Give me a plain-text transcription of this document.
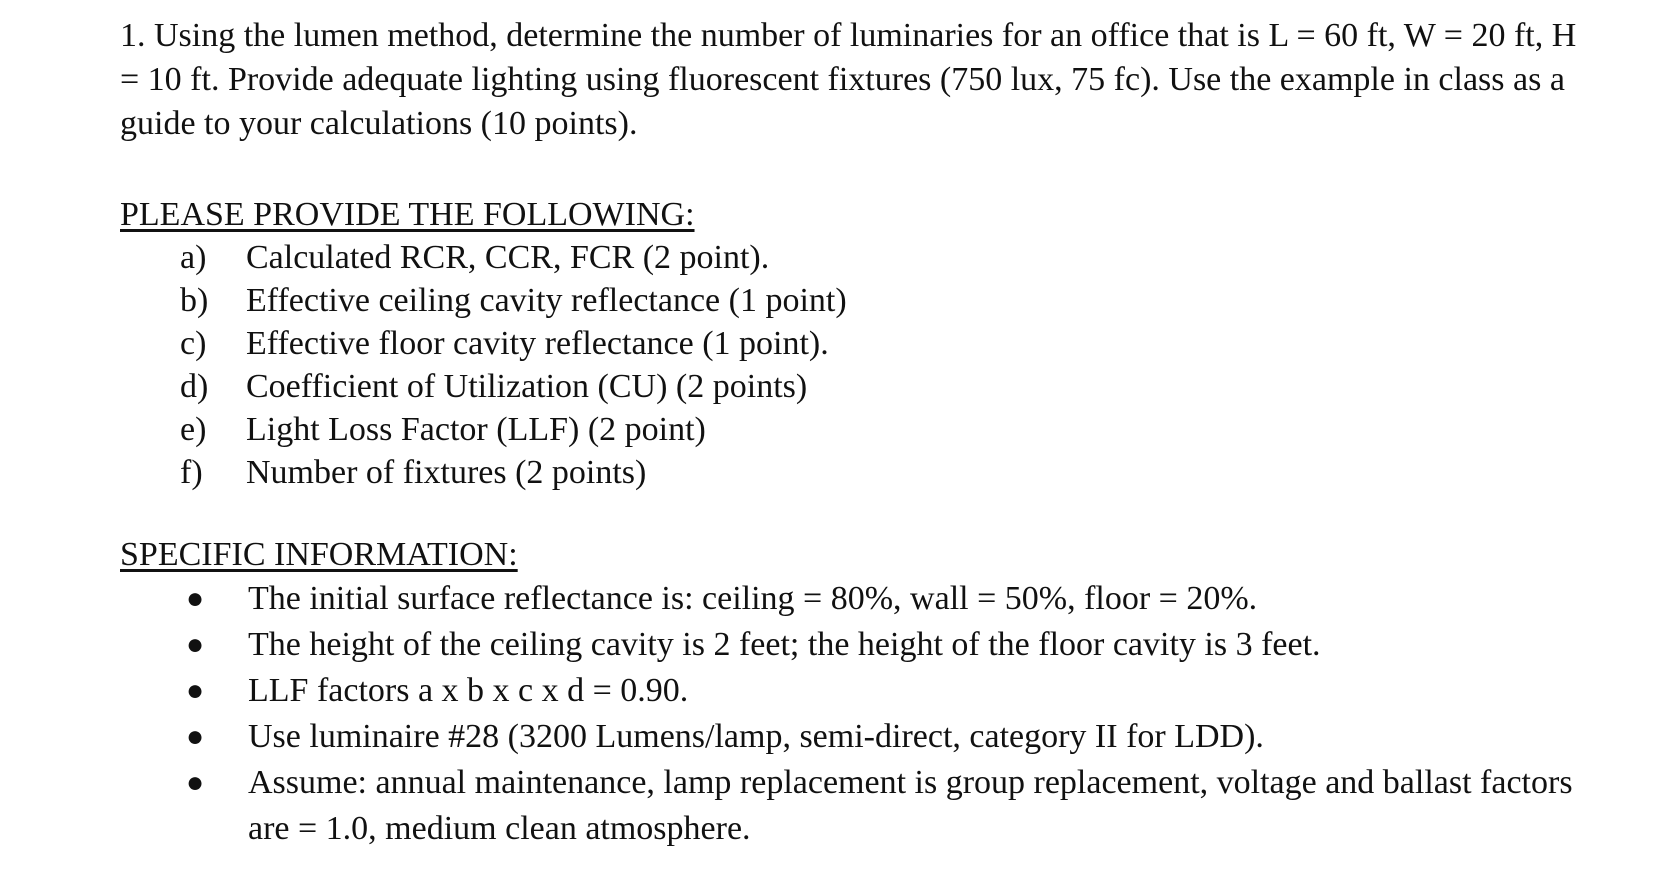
1. Using the lumen method, determine the number of luminaries for an office that is L = 60 ft, W = 20 ft, H = 10 ft. Provide adequate lighting using fluorescent fixtures (750 lux, 75 fc). Use the example in class as a guide to your calculations (10 points).

PLEASE PROVIDE THE FOLLOWING:

a)	Calculated RCR, CCR, FCR (2 point).
b)	Effective ceiling cavity reflectance (1 point)
c)	Effective floor cavity reflectance (1 point).
d)	Coefficient of Utilization (CU) (2 points)
e)	Light Loss Factor (LLF) (2 point)
f)	Number of fixtures (2 points)

SPECIFIC INFORMATION:

●	The initial surface reflectance is: ceiling = 80%, wall = 50%, floor = 20%.
●	The height of the ceiling cavity is 2 feet; the height of the floor cavity is 3 feet.
●	LLF factors a x b x c x d = 0.90.
●	Use luminaire #28 (3200 Lumens/lamp, semi-direct, category II for LDD).
●	Assume: annual maintenance, lamp replacement is group replacement, voltage and ballast factors are = 1.0, medium clean atmosphere.
